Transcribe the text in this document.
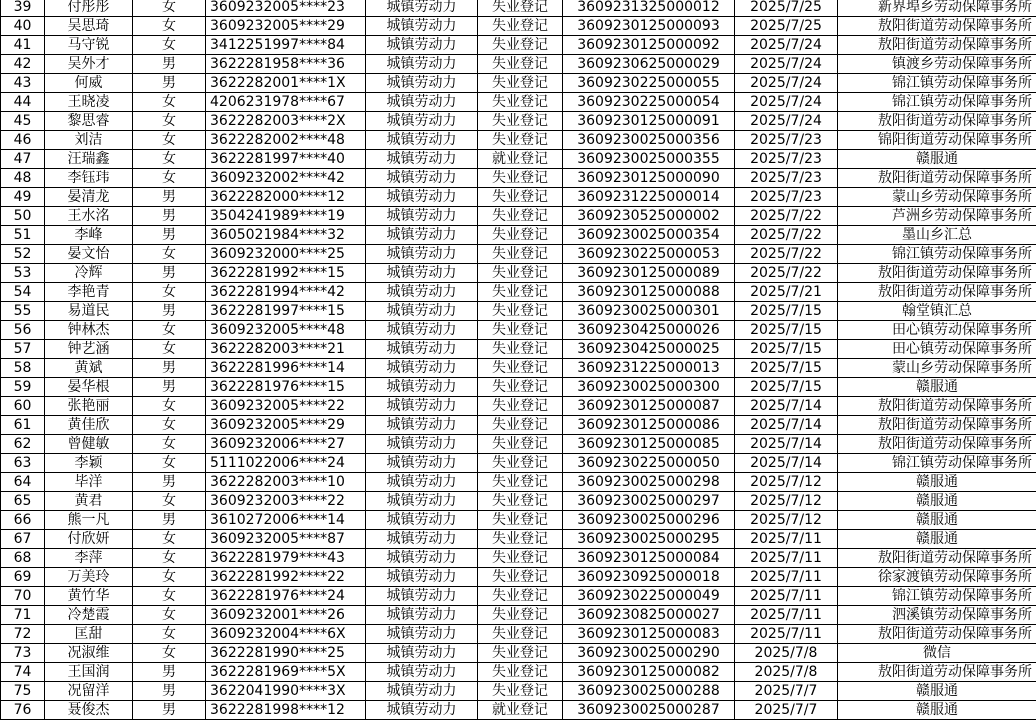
39	付彤彤	女	3609232005****23	城镇劳动力	失业登记	3609231325000012	2025/7/25	新界埠乡劳动保障事务所
40	吴思琦	女	3609232005****29	城镇劳动力	失业登记	3609230125000093	2025/7/25	敖阳街道劳动保障事务所
41	马守锐	女	3412251997****84	城镇劳动力	失业登记	3609230125000092	2025/7/24	敖阳街道劳动保障事务所
42	吴外才	男	3622281958****36	城镇劳动力	失业登记	3609230625000029	2025/7/24	镇渡乡劳动保障事务所
43	何威	男	3622282001****1X	城镇劳动力	失业登记	3609230225000055	2025/7/24	锦江镇劳动保障事务所
44	王晓凌	女	4206231978****67	城镇劳动力	失业登记	3609230225000054	2025/7/24	锦江镇劳动保障事务所
45	黎思睿	女	3622282003****2X	城镇劳动力	失业登记	3609230125000091	2025/7/24	敖阳街道劳动保障事务所
46	刘洁	女	3622282002****48	城镇劳动力	失业登记	3609230025000356	2025/7/23	锦阳街道劳动保障事务所
47	汪瑞鑫	女	3622281997****40	城镇劳动力	就业登记	3609230025000355	2025/7/23	赣服通
48	李钰玮	女	3609232002****42	城镇劳动力	失业登记	3609230125000090	2025/7/23	敖阳街道劳动保障事务所
49	晏清龙	男	3622282000****12	城镇劳动力	失业登记	3609231225000014	2025/7/23	蒙山乡劳动保障事务所
50	王水洺	男	3504241989****19	城镇劳动力	失业登记	3609230525000002	2025/7/22	芦洲乡劳动保障事务所
51	李峰	男	3605021984****32	城镇劳动力	失业登记	3609230025000354	2025/7/22	墨山乡汇总
52	晏文怡	女	3609232000****25	城镇劳动力	失业登记	3609230225000053	2025/7/22	锦江镇劳动保障事务所
53	冷辉	男	3622281992****15	城镇劳动力	失业登记	3609230125000089	2025/7/22	敖阳街道劳动保障事务所
54	李艳青	女	3622281994****42	城镇劳动力	失业登记	3609230125000088	2025/7/21	敖阳街道劳动保障事务所
55	易道民	男	3622281997****15	城镇劳动力	失业登记	3609230025000301	2025/7/15	翰堂镇汇总
56	钟林杰	女	3609232005****48	城镇劳动力	失业登记	3609230425000026	2025/7/15	田心镇劳动保障事务所
57	钟艺涵	女	3622282003****21	城镇劳动力	失业登记	3609230425000025	2025/7/15	田心镇劳动保障事务所
58	黄斌	男	3622281996****14	城镇劳动力	失业登记	3609231225000013	2025/7/15	蒙山乡劳动保障事务所
59	晏华根	男	3622281976****15	城镇劳动力	失业登记	3609230025000300	2025/7/15	赣服通
60	张艳丽	女	3609232005****22	城镇劳动力	失业登记	3609230125000087	2025/7/14	敖阳街道劳动保障事务所
61	黄佳欣	女	3609232005****29	城镇劳动力	失业登记	3609230125000086	2025/7/14	敖阳街道劳动保障事务所
62	曾健敏	女	3609232006****27	城镇劳动力	失业登记	3609230125000085	2025/7/14	敖阳街道劳动保障事务所
63	李颖	女	5111022006****24	城镇劳动力	失业登记	3609230225000050	2025/7/14	锦江镇劳动保障事务所
64	毕洋	男	3622282003****10	城镇劳动力	失业登记	3609230025000298	2025/7/12	赣服通
65	黄君	女	3609232003****22	城镇劳动力	失业登记	3609230025000297	2025/7/12	赣服通
66	熊一凡	男	3610272006****14	城镇劳动力	失业登记	3609230025000296	2025/7/12	赣服通
67	付欣妍	女	3609232005****87	城镇劳动力	失业登记	3609230025000295	2025/7/11	赣服通
68	李萍	女	3622281979****43	城镇劳动力	失业登记	3609230125000084	2025/7/11	敖阳街道劳动保障事务所
69	万美玲	女	3622281992****22	城镇劳动力	失业登记	3609230925000018	2025/7/11	徐家渡镇劳动保障事务所
70	黄竹华	女	3622281976****24	城镇劳动力	失业登记	3609230225000049	2025/7/11	锦江镇劳动保障事务所
71	冷楚霞	女	3609232001****26	城镇劳动力	失业登记	3609230825000027	2025/7/11	泗溪镇劳动保障事务所
72	匡甜	女	3609232004****6X	城镇劳动力	失业登记	3609230125000083	2025/7/11	敖阳街道劳动保障事务所
73	况淑维	女	3622281990****25	城镇劳动力	失业登记	3609230025000290	2025/7/8	微信
74	王国润	男	3622281969****5X	城镇劳动力	失业登记	3609230125000082	2025/7/8	敖阳街道劳动保障事务所
75	况留洋	男	3622041990****3X	城镇劳动力	失业登记	3609230025000288	2025/7/7	赣服通
76	聂俊杰	男	3622281998****12	城镇劳动力	就业登记	3609230025000287	2025/7/7	赣服通
